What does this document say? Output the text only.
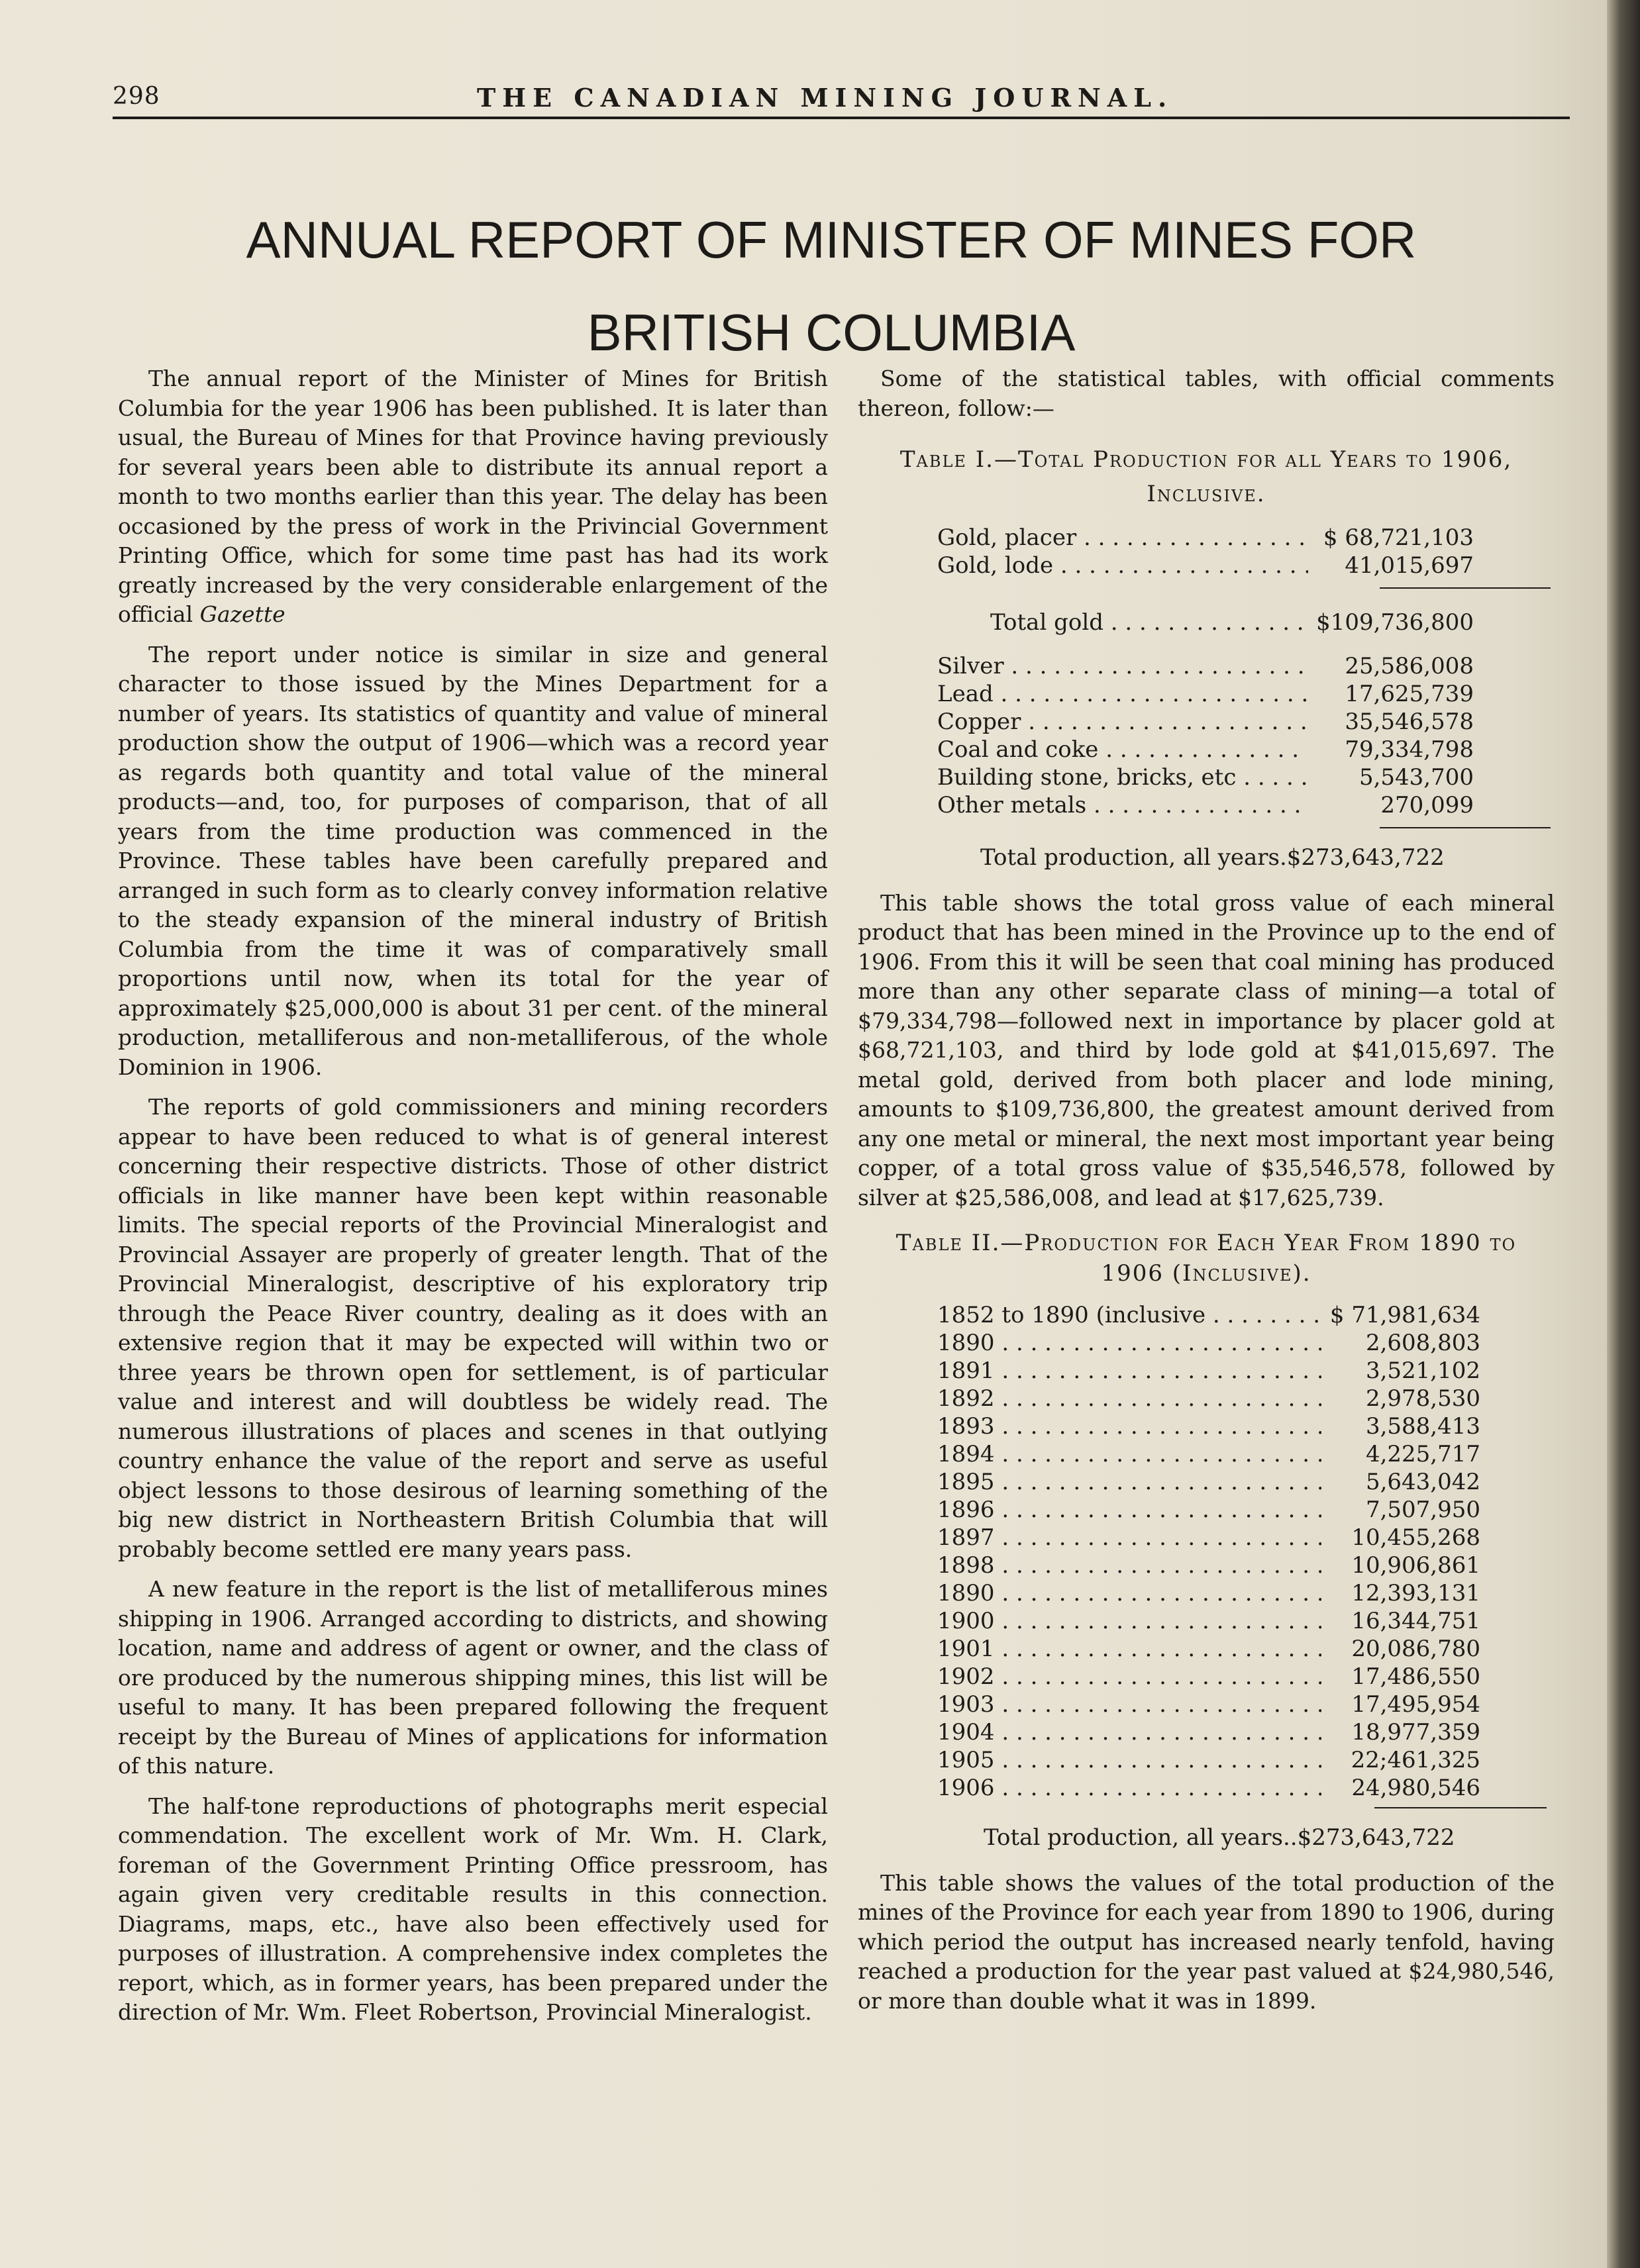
298	THE CANADIAN MINING JOURNAL.
ANNUAL REPORT OF MINISTER OF MINES FOR
BRITISH COLUMBIA

The annual report of the Minister of Mines for British Columbia for the year 1906 has been published. It is later than usual, the Bureau of Mines for that Province having previously for several years been able to distribute its annual report a month to two months earlier than this year. The delay has been occasioned by the press of work in the Privincial Government Printing Office, which for some time past has had its work greatly increased by the very considerable enlargement of the official Gazette

The report under notice is similar in size and general character to those issued by the Mines Department for a number of years. Its statistics of quantity and value of mineral production show the output of 1906—which was a record year as regards both quantity and total value of the mineral products—and, too, for purposes of comparison, that of all years from the time production was commenced in the Province. These tables have been carefully prepared and arranged in such form as to clearly convey information relative to the steady expansion of the mineral industry of British Columbia from the time it was of comparatively small proportions until now, when its total for the year of approximately $25,000,000 is about 31 per cent. of the mineral production, metalliferous and non-metalliferous, of the whole Dominion in 1906.

The reports of gold commissioners and mining recorders appear to have been reduced to what is of general interest concerning their respective districts. Those of other district officials in like manner have been kept within reasonable limits. The special reports of the Provincial Mineralogist and Provincial Assayer are properly of greater length. That of the Provincial Mineralogist, descriptive of his exploratory trip through the Peace River country, dealing as it does with an extensive region that it may be expected will within two or three years be thrown open for settlement, is of particular value and interest and will doubtless be widely read. The numerous illustrations of places and scenes in that outlying country enhance the value of the report and serve as useful object lessons to those desirous of learning something of the big new district in Northeastern British Columbia that will probably become settled ere many years pass.

A new feature in the report is the list of metalliferous mines shipping in 1906. Arranged according to districts, and showing location, name and address of agent or owner, and the class of ore produced by the numerous shipping mines, this list will be useful to many. It has been prepared following the frequent receipt by the Bureau of Mines of applications for information of this nature.

The half-tone reproductions of photographs merit especial commendation. The excellent work of Mr. Wm. H. Clark, foreman of the Government Printing Office pressroom, has again given very creditable results in this connection. Diagrams, maps, etc., have also been effectively used for purposes of illustration. A comprehensive index completes the report, which, as in former years, has been prepared under the direction of Mr. Wm. Fleet Robertson, Provincial Mineralogist.

Some of the statistical tables, with official comments thereon, follow:—

Table I.—Total Production for all Years to 1906,
Inclusive.
Gold, placer . . .	$ 68,721,103
Gold, lode . . .	41,015,697
Total gold . . .	$109,736,800
Silver . . .	25,586,008
Lead . . .	17,625,739
Copper . . .	35,546,578
Coal and coke . . .	79,334,798
Building stone, bricks, etc . . .	5,543,700
Other metals . . .	270,099
Total production, all years.$273,643,722

This table shows the total gross value of each mineral product that has been mined in the Province up to the end of 1906. From this it will be seen that coal mining has produced more than any other separate class of mining—a total of $79,334,798—followed next in importance by placer gold at $68,721,103, and third by lode gold at $41,015,697. The metal gold, derived from both placer and lode mining, amounts to $109,736,800, the greatest amount derived from any one metal or mineral, the next most important year being copper, of a total gross value of $35,546,578, followed by silver at $25,586,008, and lead at $17,625,739.

Table II.—Production for Each Year From 1890 to
1906 (Inclusive).
1852 to 1890 (inclusive . . .	$ 71,981,634
1890 . . .	2,608,803
1891 . . .	3,521,102
1892 . . .	2,978,530
1893 . . .	3,588,413
1894 . . .	4,225,717
1895 . . .	5,643,042
1896 . . .	7,507,950
1897 . . .	10,455,268
1898 . . .	10,906,861
1890 . . .	12,393,131
1900 . . .	16,344,751
1901 . . .	20,086,780
1902 . . .	17,486,550
1903 . . .	17,495,954
1904 . . .	18,977,359
1905 . . .	22;461,325
1906 . . .	24,980,546
Total production, all years..$273,643,722

This table shows the values of the total production of the mines of the Province for each year from 1890 to 1906, during which period the output has increased nearly tenfold, having reached a production for the year past valued at $24,980,546, or more than double what it was in 1899.
